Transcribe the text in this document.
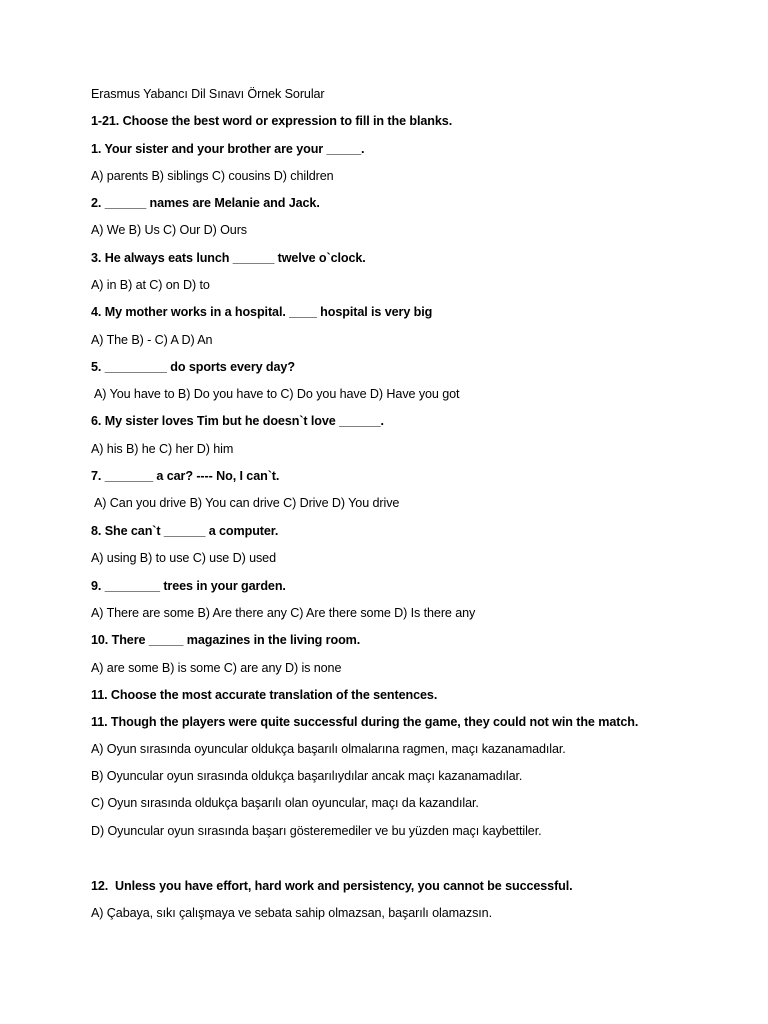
Erasmus Yabancı Dil Sınavı Örnek Sorular
1-21. Choose the best word or expression to fill in the blanks.
1. Your sister and your brother are your _____.
A) parents B) siblings C) cousins D) children
2. ______ names are Melanie and Jack.
A) We B) Us C) Our D) Ours
3. He always eats lunch ______ twelve o`clock.
A) in B) at C) on D) to
4. My mother works in a hospital. ____ hospital is very big
A) The B) - C) A D) An
5. _________ do sports every day?
A) You have to B) Do you have to C) Do you have D) Have you got
6. My sister loves Tim but he doesn`t love ______.
A) his B) he C) her D) him
7. _______ a car? ---- No, I can`t.
A) Can you drive B) You can drive C) Drive D) You drive
8. She can`t ______ a computer.
A) using B) to use C) use D) used
9. ________ trees in your garden.
A) There are some B) Are there any C) Are there some D) Is there any
10. There _____ magazines in the living room.
A) are some B) is some C) are any D) is none
11. Choose the most accurate translation of the sentences.
11. Though the players were quite successful during the game, they could not win the match.
A) Oyun sırasında oyuncular oldukça başarılı olmalarına ragmen, maçı kazanamadılar.
B) Oyuncular oyun sırasında oldukça başarılıydılar ancak maçı kazanamadılar.
C) Oyun sırasında oldukça başarılı olan oyuncular, maçı da kazandılar.
D) Oyuncular oyun sırasında başarı gösteremediler ve bu yüzden maçı kaybettiler.
12.  Unless you have effort, hard work and persistency, you cannot be successful.
A) Çabaya, sıkı çalışmaya ve sebata sahip olmazsan, başarılı olamazsın.
